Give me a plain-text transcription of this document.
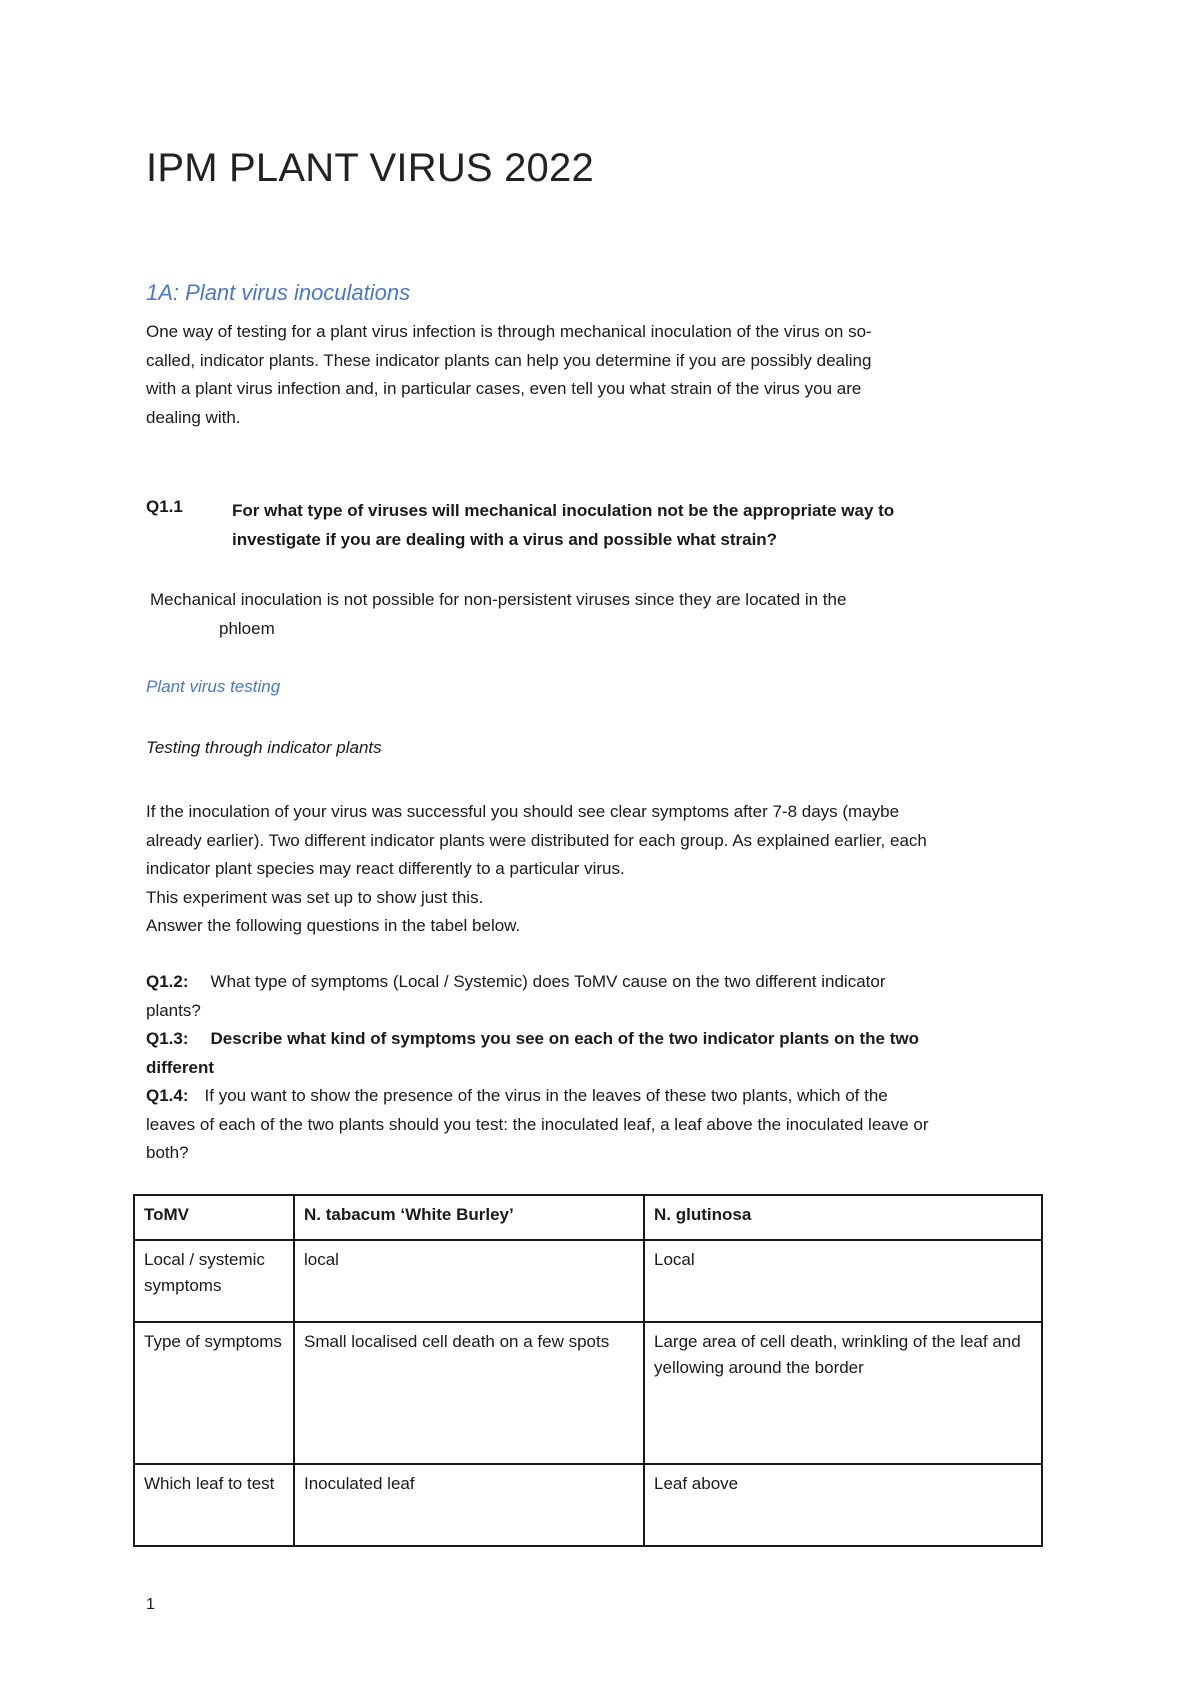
IPM PLANT VIRUS 2022
1A: Plant virus inoculations
One way of testing for a plant virus infection is through mechanical inoculation of the virus on so-
called, indicator plants. These indicator plants can help you determine if you are possibly dealing
with a plant virus infection and, in particular cases, even tell you what strain of the virus you are
dealing with.
Q1.1	For what type of viruses will mechanical inoculation not be the appropriate way to
investigate if you are dealing with a virus and possible what strain?
Mechanical inoculation is not possible for non-persistent viruses since they are located in the
phloem
Plant virus testing
Testing through indicator plants
If the inoculation of your virus was successful you should see clear symptoms after 7-8 days (maybe
already earlier). Two different indicator plants were distributed for each group. As explained earlier, each
indicator plant species may react differently to a particular virus.
This experiment was set up to show just this.
Answer the following questions in the tabel below.
Q1.2: What type of symptoms (Local / Systemic) does ToMV cause on the two different indicator
plants?
Q1.3: Describe what kind of symptoms you see on each of the two indicator plants on the two
different
Q1.4: If you want to show the presence of the virus in the leaves of these two plants, which of the
leaves of each of the two plants should you test: the inoculated leaf, a leaf above the inoculated leave or
both?
ToMV	N. tabacum ‘White Burley’	N. glutinosa
Local / systemic symptoms	local	Local
Type of symptoms	Small localised cell death on a few spots	Large area of cell death, wrinkling of the leaf and yellowing around the border
Which leaf to test	Inoculated leaf	Leaf above
1
